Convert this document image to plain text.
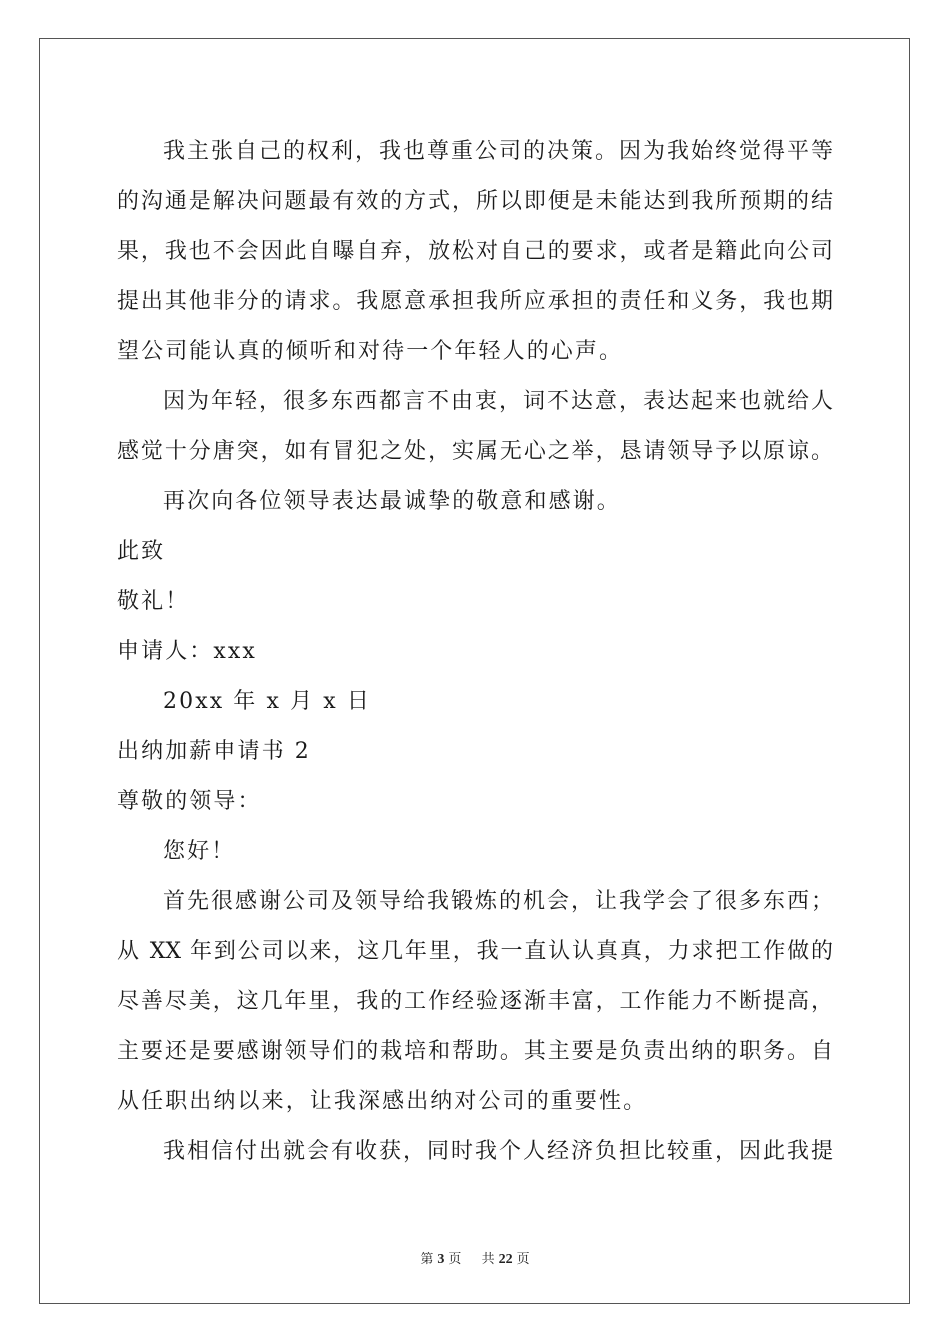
我主张自己的权利，我也尊重公司的决策。因为我始终觉得平等
的沟通是解决问题最有效的方式，所以即便是未能达到我所预期的结
果，我也不会因此自曝自弃，放松对自己的要求，或者是籍此向公司
提出其他非分的请求。我愿意承担我所应承担的责任和义务，我也期
望公司能认真的倾听和对待一个年轻人的心声。
因为年轻，很多东西都言不由衷，词不达意，表达起来也就给人
感觉十分唐突，如有冒犯之处，实属无心之举，恳请领导予以原谅。
再次向各位领导表达最诚挚的敬意和感谢。
此致
敬礼！
申请人：xxx
20xx 年 x 月 x 日
出纳加薪申请书 2
尊敬的领导：
您好！
首先很感谢公司及领导给我锻炼的机会，让我学会了很多东西；
从 XX 年到公司以来，这几年里，我一直认认真真，力求把工作做的
尽善尽美，这几年里，我的工作经验逐渐丰富，工作能力不断提高，
主要还是要感谢领导们的栽培和帮助。其主要是负责出纳的职务。自
从任职出纳以来，让我深感出纳对公司的重要性。
我相信付出就会有收获，同时我个人经济负担比较重，因此我提
第 3 页 共 22 页
